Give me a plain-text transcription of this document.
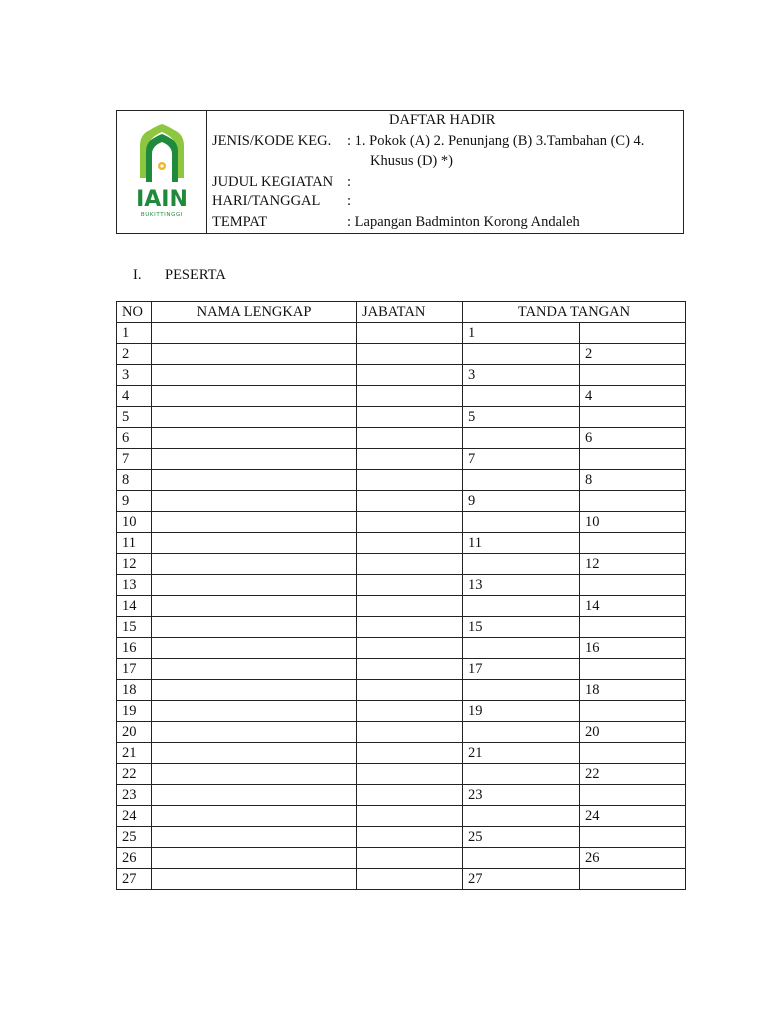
IAIN
BUKITTINGGI
DAFTAR HADIR
JENIS/KODE KEG. : 1. Pokok (A) 2. Penunjang (B) 3.Tambahan (C) 4.
Khusus (D) *)
JUDUL KEGIATAN :
HARI/TANGGAL :
TEMPAT	: Lapangan Badminton Korong Andaleh
I. PESERTA
NO	NAMA LENGKAP	JABATAN	TANDA TANGAN	
1			1	
2				2
3			3	
4				4
5			5	
6				6
7			7	
8				8
9			9	
10				10
11			11	
12				12
13			13	
14				14
15			15	
16				16
17			17	
18				18
19			19	
20				20
21			21	
22				22
23			23	
24				24
25			25	
26				26
27			27	
